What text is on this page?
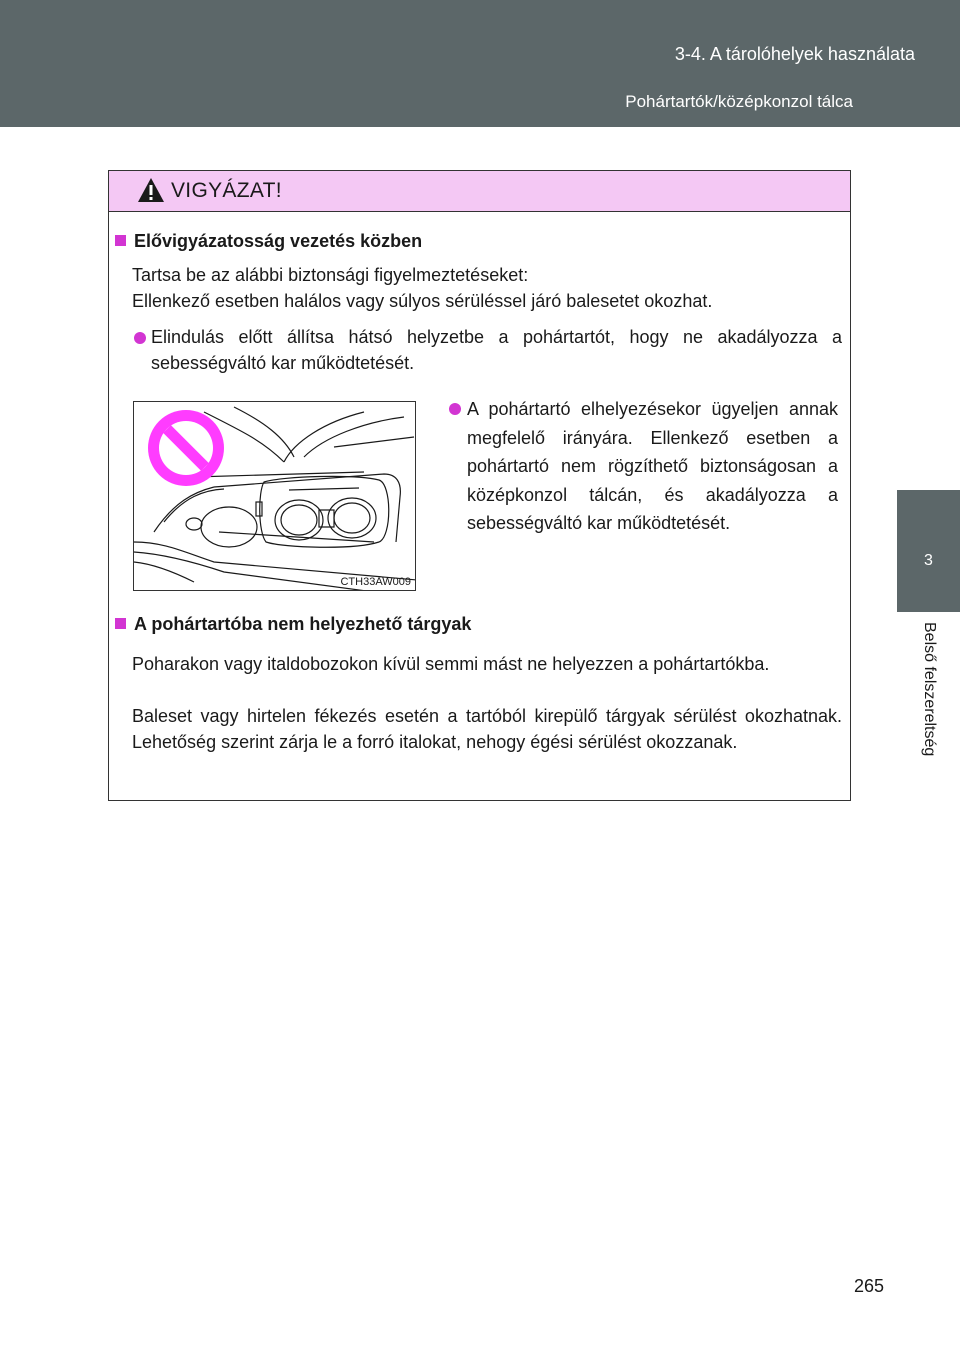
3-4. A tárolóhelyek használata
Pohártartók/középkonzol tálca
3
Belső felszereltség
VIGYÁZAT!
Elővigyázatosság vezetés közben
Tartsa be az alábbi biztonsági figyelmeztetéseket:
Ellenkező esetben halálos vagy súlyos sérüléssel járó balesetet okozhat.
Elindulás előtt állítsa hátsó helyzetbe a pohártartót, hogy ne akadályozza a sebességváltó kar működtetését.
CTH33AW009
A pohártartó elhelyezésekor ügyeljen annak megfelelő irányára. Ellenkező esetben a pohártartó nem rögzíthető biztonságosan a középkonzol tálcán, és akadályozza a sebességváltó kar működtetését.
A pohártartóba nem helyezhető tárgyak
Poharakon vagy italdobozokon kívül semmi mást ne helyezzen a pohártartókba.
Baleset vagy hirtelen fékezés esetén a tartóból kirepülő tárgyak sérülést okozhatnak. Lehetőség szerint zárja le a forró italokat, nehogy égési sérülést okozzanak.
265
